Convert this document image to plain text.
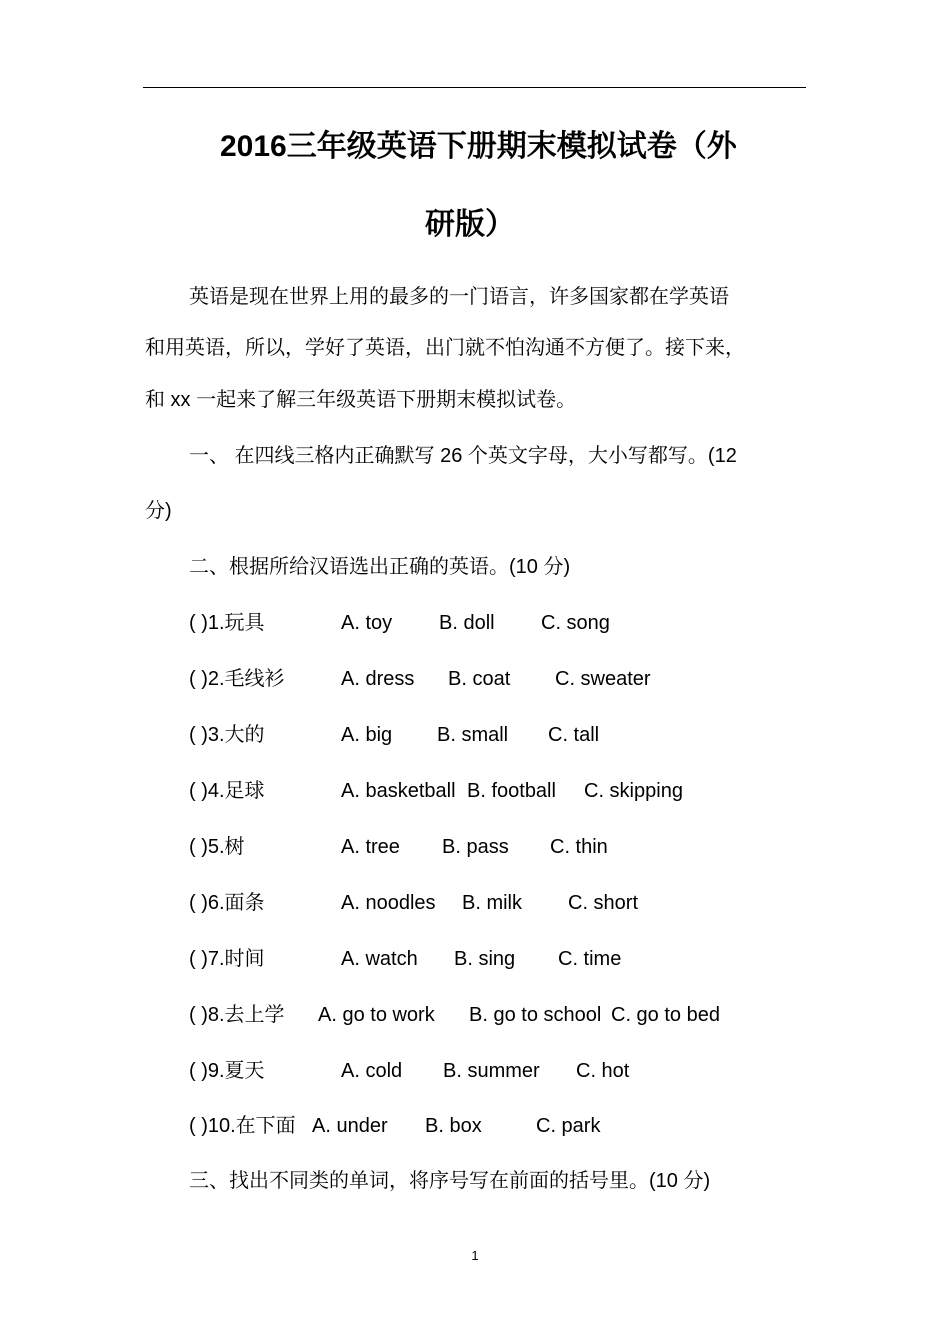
2016三年级英语下册期末模拟试卷（外
研版）
英语是现在世界上用的最多的一门语言，许多国家都在学英语
和用英语，所以，学好了英语，出门就不怕沟通不方便了。接下来，
和 xx 一起来了解三年级英语下册期末模拟试卷。
一、 在四线三格内正确默写 26 个英文字母，大小写都写。(12
分)
二、根据所给汉语选出正确的英语。(10 分)
( )1.玩具	A. toy B. doll C. song
( )2.毛线衫	A. dress B. coat C. sweater
( )3.大的	A. big B. small C. tall
( )4.足球	A. basketball B. football C. skipping
( )5.树	A. tree B. pass C. thin
( )6.面条	A. noodles B. milk C. short
( )7.时间	A. watch B. sing C. time
( )8.去上学 A. go to work B. go to school C. go to bed
( )9.夏天	A. cold B. summer C. hot
( )10.在下面 A. under B. box	C. park
三、找出不同类的单词，将序号写在前面的括号里。(10 分)
1
